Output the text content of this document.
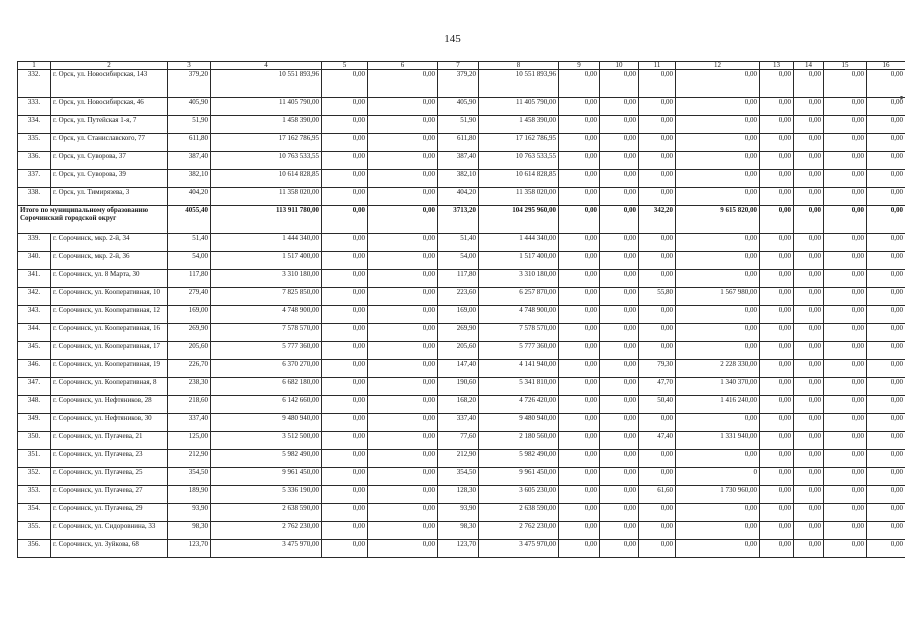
145
1	2	3	4	5	6	7	8	9	10	11	12	13	14	15	16
332.	г. Орск, ул. Новосибирская, 143	379,20	10 551 893,96	0,00	0,00	379,20	10 551 893,96	0,00	0,00	0,00	0,00	0,00	0,00	0,00	0,00
333.	г. Орск, ул. Новосибирская, 46	405,90	11 405 790,00	0,00	0,00	405,90	11 405 790,00	0,00	0,00	0,00	0,00	0,00	0,00	0,00	0,00
334.	г. Орск, ул. Путейская 1-я, 7	51,90	1 458 390,00	0,00	0,00	51,90	1 458 390,00	0,00	0,00	0,00	0,00	0,00	0,00	0,00	0,00
335.	г. Орск, ул. Станиславского, 77	611,80	17 162 786,95	0,00	0,00	611,80	17 162 786,95	0,00	0,00	0,00	0,00	0,00	0,00	0,00	0,00
336.	г. Орск, ул. Суворова, 37	387,40	10 763 533,55	0,00	0,00	387,40	10 763 533,55	0,00	0,00	0,00	0,00	0,00	0,00	0,00	0,00
337.	г. Орск, ул. Суворова, 39	382,10	10 614 828,85	0,00	0,00	382,10	10 614 828,85	0,00	0,00	0,00	0,00	0,00	0,00	0,00	0,00
338.	г. Орск, ул. Тимирязева, 3	404,20	11 358 020,00	0,00	0,00	404,20	11 358 020,00	0,00	0,00	0,00	0,00	0,00	0,00	0,00	0,00
Итого по муниципальному образованию Сорочинский городской округ		4055,40	113 911 780,00	0,00	0,00	3713,20	104 295 960,00	0,00	0,00	342,20	9 615 820,00	0,00	0,00	0,00	0,00
339.	г. Сорочинск, мкр. 2-й, 34	51,40	1 444 340,00	0,00	0,00	51,40	1 444 340,00	0,00	0,00	0,00	0,00	0,00	0,00	0,00	0,00
340.	г. Сорочинск, мкр. 2-й, 36	54,00	1 517 400,00	0,00	0,00	54,00	1 517 400,00	0,00	0,00	0,00	0,00	0,00	0,00	0,00	0,00
341.	г. Сорочинск, ул. 8 Марта, 30	117,80	3 310 180,00	0,00	0,00	117,80	3 310 180,00	0,00	0,00	0,00	0,00	0,00	0,00	0,00	0,00
342.	г. Сорочинск, ул. Кооперативная, 10	279,40	7 825 850,00	0,00	0,00	223,60	6 257 870,00	0,00	0,00	55,80	1 567 980,00	0,00	0,00	0,00	0,00
343.	г. Сорочинск, ул. Кооперативная, 12	169,00	4 748 900,00	0,00	0,00	169,00	4 748 900,00	0,00	0,00	0,00	0,00	0,00	0,00	0,00	0,00
344.	г. Сорочинск, ул. Кооперативная, 16	269,90	7 578 570,00	0,00	0,00	269,90	7 578 570,00	0,00	0,00	0,00	0,00	0,00	0,00	0,00	0,00
345.	г. Сорочинск, ул. Кооперативная, 17	205,60	5 777 360,00	0,00	0,00	205,60	5 777 360,00	0,00	0,00	0,00	0,00	0,00	0,00	0,00	0,00
346.	г. Сорочинск, ул. Кооперативная, 19	226,70	6 370 270,00	0,00	0,00	147,40	4 141 940,00	0,00	0,00	79,30	2 228 330,00	0,00	0,00	0,00	0,00
347.	г. Сорочинск, ул. Кооперативная, 8	238,30	6 682 180,00	0,00	0,00	190,60	5 341 810,00	0,00	0,00	47,70	1 340 370,00	0,00	0,00	0,00	0,00
348.	г. Сорочинск, ул. Нефтяников, 28	218,60	6 142 660,00	0,00	0,00	168,20	4 726 420,00	0,00	0,00	50,40	1 416 240,00	0,00	0,00	0,00	0,00
349.	г. Сорочинск, ул. Нефтяников, 30	337,40	9 480 940,00	0,00	0,00	337,40	9 480 940,00	0,00	0,00	0,00	0,00	0,00	0,00	0,00	0,00
350.	г. Сорочинск, ул. Пугачева, 21	125,00	3 512 500,00	0,00	0,00	77,60	2 180 560,00	0,00	0,00	47,40	1 331 940,00	0,00	0,00	0,00	0,00
351.	г. Сорочинск, ул. Пугачева, 23	212,90	5 982 490,00	0,00	0,00	212,90	5 982 490,00	0,00	0,00	0,00	0,00	0,00	0,00	0,00	0,00
352.	г. Сорочинск, ул. Пугачева, 25	354,50	9 961 450,00	0,00	0,00	354,50	9 961 450,00	0,00	0,00	0,00	0	0,00	0,00	0,00	0,00
353.	г. Сорочинск, ул. Пугачева, 27	189,90	5 336 190,00	0,00	0,00	128,30	3 605 230,00	0,00	0,00	61,60	1 730 960,00	0,00	0,00	0,00	0,00
354.	г. Сорочинск, ул. Пугачева, 29	93,90	2 638 590,00	0,00	0,00	93,90	2 638 590,00	0,00	0,00	0,00	0,00	0,00	0,00	0,00	0,00
355.	г. Сорочинск, ул. Сидоровнина, 33	98,30	2 762 230,00	0,00	0,00	98,30	2 762 230,00	0,00	0,00	0,00	0,00	0,00	0,00	0,00	0,00
356.	г. Сорочинск, ул. Зуйкова, 68	123,70	3 475 970,00	0,00	0,00	123,70	3 475 970,00	0,00	0,00	0,00	0,00	0,00	0,00	0,00	0,00
